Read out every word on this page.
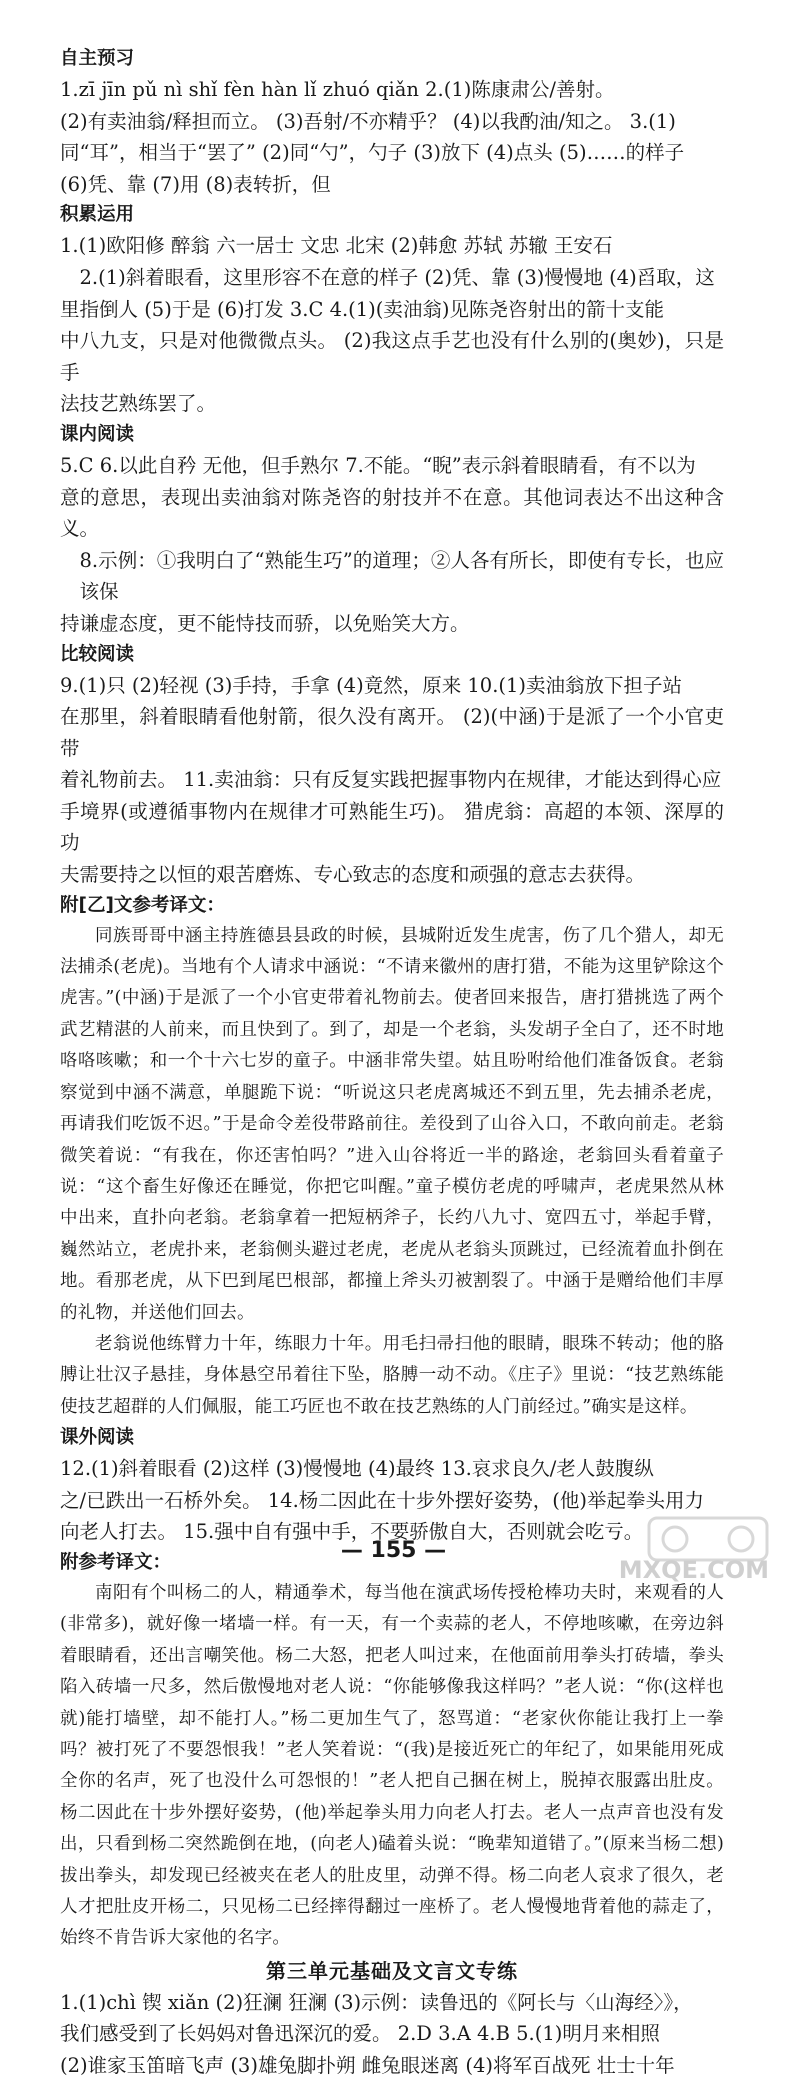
自主预习

1.zī jīn pǔ nì shǐ fèn hàn lǐ zhuó qiǎn 2.(1)陈康肃公/善射。

(2)有卖油翁/释担而立。 (3)吾射/不亦精乎？ (4)以我酌油/知之。 3.(1)

同“耳”，相当于“罢了” (2)同“勺”，勺子 (3)放下 (4)点头 (5)……的样子

(6)凭、靠 (7)用 (8)表转折，但

积累运用

1.(1)欧阳修 醉翁 六一居士 文忠 北宋 (2)韩愈 苏轼 苏辙 王安石

2.(1)斜着眼看，这里形容不在意的样子 (2)凭、靠 (3)慢慢地 (4)舀取，这

里指倒人 (5)于是 (6)打发 3.C 4.(1)(卖油翁)见陈尧咨射出的箭十支能

中八九支，只是对他微微点头。 (2)我这点手艺也没有什么别的(奥妙)，只是手

法技艺熟练罢了。

课内阅读

5.C 6.以此自矜 无他，但手熟尔 7.不能。“睨”表示斜着眼睛看，有不以为

意的意思，表现出卖油翁对陈尧咨的射技并不在意。其他词表达不出这种含义。

8.示例：①我明白了“熟能生巧”的道理；②人各有所长，即使有专长，也应该保

持谦虚态度，更不能恃技而骄，以免贻笑大方。

比较阅读

9.(1)只 (2)轻视 (3)手持，手拿 (4)竟然，原来 10.(1)卖油翁放下担子站

在那里，斜着眼睛看他射箭，很久没有离开。 (2)(中涵)于是派了一个小官吏带

着礼物前去。 11.卖油翁：只有反复实践把握事物内在规律，才能达到得心应

手境界(或遵循事物内在规律才可熟能生巧)。 猎虎翁：高超的本领、深厚的功

夫需要持之以恒的艰苦磨炼、专心致志的态度和顽强的意志去获得。

附[乙]文参考译文：

同族哥哥中涵主持旌德县县政的时候，县城附近发生虎害，伤了几个猎人，却无法捕杀(老虎)。当地有个人请求中涵说：“不请来徽州的唐打猎，不能为这里铲除这个虎害。”(中涵)于是派了一个小官吏带着礼物前去。使者回来报告，唐打猎挑选了两个武艺精湛的人前来，而且快到了。到了，却是一个老翁，头发胡子全白了，还不时地咯咯咳嗽；和一个十六七岁的童子。中涵非常失望。姑且吩咐给他们准备饭食。老翁察觉到中涵不满意，单腿跪下说：“听说这只老虎离城还不到五里，先去捕杀老虎，再请我们吃饭不迟。”于是命令差役带路前往。差役到了山谷入口，不敢向前走。老翁微笑着说：“有我在，你还害怕吗？”进入山谷将近一半的路途，老翁回头看着童子说：“这个畜生好像还在睡觉，你把它叫醒。”童子模仿老虎的呼啸声，老虎果然从林中出来，直扑向老翁。老翁拿着一把短柄斧子，长约八九寸、宽四五寸，举起手臂，巍然站立，老虎扑来，老翁侧头避过老虎，老虎从老翁头顶跳过，已经流着血扑倒在地。看那老虎，从下巴到尾巴根部，都撞上斧头刃被割裂了。中涵于是赠给他们丰厚的礼物，并送他们回去。

老翁说他练臂力十年，练眼力十年。用毛扫帚扫他的眼睛，眼珠不转动；他的胳膊让壮汉子悬挂，身体悬空吊着往下坠，胳膊一动不动。《庄子》里说：“技艺熟练能使技艺超群的人们佩服，能工巧匠也不敢在技艺熟练的人门前经过。”确实是这样。

课外阅读

12.(1)斜着眼看 (2)这样 (3)慢慢地 (4)最终 13.哀求良久/老人鼓腹纵

之/已跌出一石桥外矣。 14.杨二因此在十步外摆好姿势，(他)举起拳头用力

向老人打去。 15.强中自有强中手，不要骄傲自大，否则就会吃亏。

附参考译文：

南阳有个叫杨二的人，精通拳术，每当他在演武场传授枪棒功夫时，来观看的人(非常多)，就好像一堵墙一样。有一天，有一个卖蒜的老人，不停地咳嗽，在旁边斜着眼睛看，还出言嘲笑他。杨二大怒，把老人叫过来，在他面前用拳头打砖墙，拳头陷入砖墙一尺多，然后傲慢地对老人说：“你能够像我这样吗？”老人说：“你(这样也就)能打墙壁，却不能打人。”杨二更加生气了，怒骂道：“老家伙你能让我打上一拳吗？被打死了不要怨恨我！”老人笑着说：“(我)是接近死亡的年纪了，如果能用死成全你的名声，死了也没什么可怨恨的！”老人把自己捆在树上，脱掉衣服露出肚皮。杨二因此在十步外摆好姿势，(他)举起拳头用力向老人打去。老人一点声音也没有发出，只看到杨二突然跪倒在地，(向老人)磕着头说：“晚辈知道错了。”(原来当杨二想)拔出拳头，却发现已经被夹在老人的肚皮里，动弹不得。杨二向老人哀求了很久，老人才把肚皮开杨二，只见杨二已经摔得翻过一座桥了。老人慢慢地背着他的蒜走了，始终不肯告诉大家他的名字。

第三单元基础及文言文专练

1.(1)chì 锲 xiǎn (2)狂澜 狂澜 (3)示例：读鲁迅的《阿长与〈山海经〉》，

我们感受到了长妈妈对鲁迅深沉的爱。 2.D 3.A 4.B 5.(1)明月来相照

(2)谁家玉笛暗飞声 (3)雄兔脚扑朔 雌兔眼迷离 (4)将军百战死 壮士十年

— 155 —
MXQE.COM
